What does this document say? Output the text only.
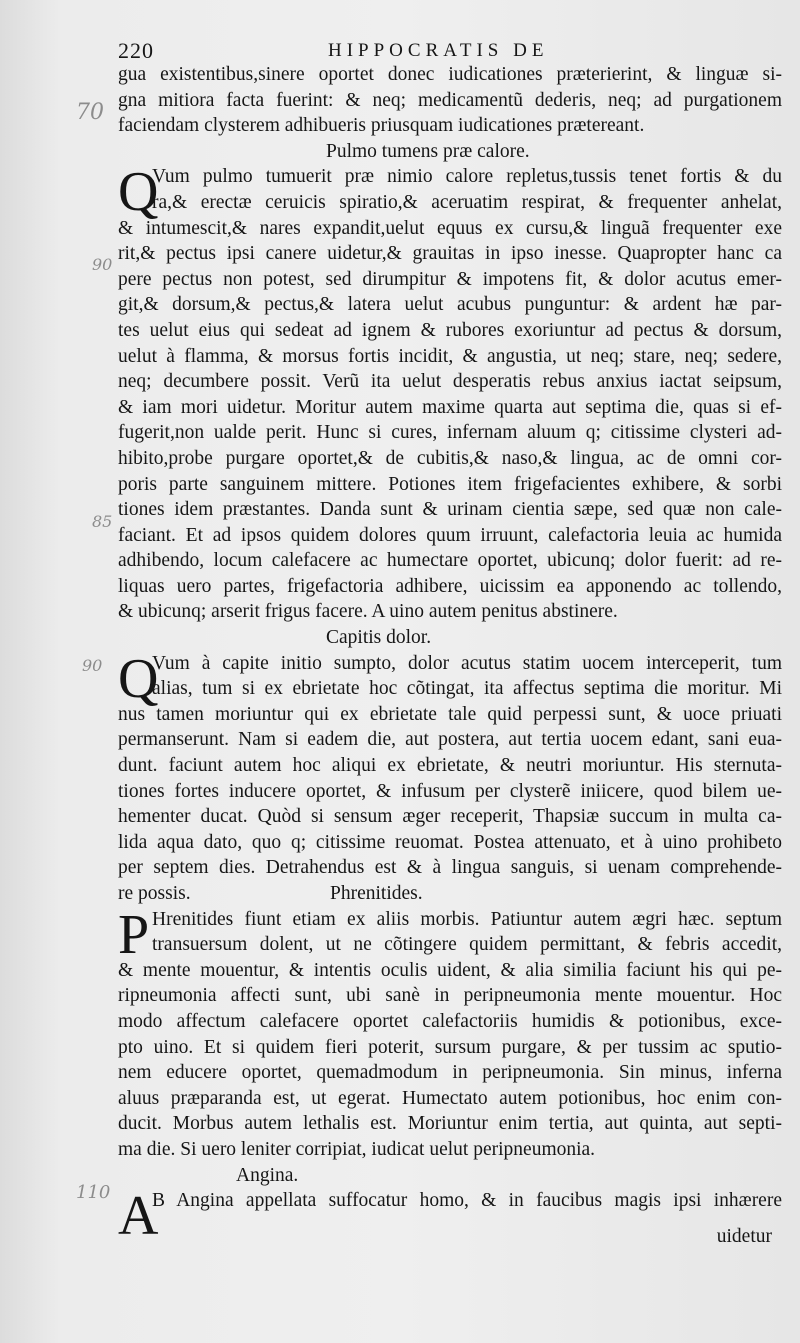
220	HIPPOCRATIS DE
70
90
85
90
110
gua existentibus,sinere oportet donec iudicationes præterierint, & linguæ si-
gna mitiora facta fuerint: & neq; medicamentũ dederis, neq; ad purgationem
faciendam clysterem adhibueris priusquam iudicationes prætereant.
Pulmo tumens præ calore.
Q
Vum pulmo tumuerit præ nimio calore repletus,tussis tenet fortis & du
ra,& erectæ ceruicis spiratio,& aceruatim respirat, & frequenter anhelat,
& intumescit,& nares expandit,uelut equus ex cursu,& linguã frequenter exe
rit,& pectus ipsi canere uidetur,& grauitas in ipso inesse. Quapropter hanc ca
pere pectus non potest, sed dirumpitur & impotens fit, & dolor acutus emer-
git,& dorsum,& pectus,& latera uelut acubus punguntur: & ardent hæ par-
tes uelut eius qui sedeat ad ignem & rubores exoriuntur ad pectus & dorsum,
uelut à flamma, & morsus fortis incidit, & angustia, ut neq; stare, neq; sedere,
neq; decumbere possit. Verũ ita uelut desperatis rebus anxius iactat seipsum,
& iam mori uidetur. Moritur autem maxime quarta aut septima die, quas si ef-
fugerit,non ualde perit. Hunc si cures, infernam aluum q; citissime clysteri ad-
hibito,probe purgare oportet,& de cubitis,& naso,& lingua, ac de omni cor-
poris parte sanguinem mittere. Potiones item frigefacientes exhibere, & sorbi
tiones idem præstantes. Danda sunt & urinam cientia sæpe, sed quæ non cale-
faciant. Et ad ipsos quidem dolores quum irruunt, calefactoria leuia ac humida
adhibendo, locum calefacere ac humectare oportet, ubicunq; dolor fuerit: ad re-
liquas uero partes, frigefactoria adhibere, uicissim ea apponendo ac tollendo,
& ubicunq; arserit frigus facere. A uino autem penitus abstinere.
Capitis dolor.
Q
Vum à capite initio sumpto, dolor acutus statim uocem interceperit, tum
alias, tum si ex ebrietate hoc cõtingat, ita affectus septima die moritur. Mi
nus tamen moriuntur qui ex ebrietate tale quid perpessi sunt, & uoce priuati
permanserunt. Nam si eadem die, aut postera, aut tertia uocem edant, sani eua-
dunt. faciunt autem hoc aliqui ex ebrietate, & neutri moriuntur. His sternuta-
tiones fortes inducere oportet, & infusum per clysterẽ iniicere, quod bilem ue-
hementer ducat. Quòd si sensum æger receperit, Thapsiæ succum in multa ca-
lida aqua dato, quo q; citissime reuomat. Postea attenuato, et à uino prohibeto
per septem dies. Detrahendus est & à lingua sanguis, si uenam comprehende-
re possis.	Phrenitides.
P Hrenitides fiunt etiam ex aliis morbis. Patiuntur autem ægri hæc. septum
transuersum dolent, ut ne cõtingere quidem permittant, & febris accedit,
& mente mouentur, & intentis oculis uident, & alia similia faciunt his qui pe-
ripneumonia affecti sunt, ubi sanè in peripneumonia mente mouentur. Hoc
modo affectum calefacere oportet calefactoriis humidis & potionibus, exce-
pto uino. Et si quidem fieri poterit, sursum purgare, & per tussim ac sputio-
nem educere oportet, quemadmodum in peripneumonia. Sin minus, inferna
aluus præparanda est, ut egerat. Humectato autem potionibus, hoc enim con-
ducit. Morbus autem lethalis est. Moriuntur enim tertia, aut quinta, aut septi-
ma die. Si uero leniter corripiat, iudicat uelut peripneumonia.
Angina.
A
B Angina appellata suffocatur homo, & in faucibus magis ipsi inhærere
uidetur
